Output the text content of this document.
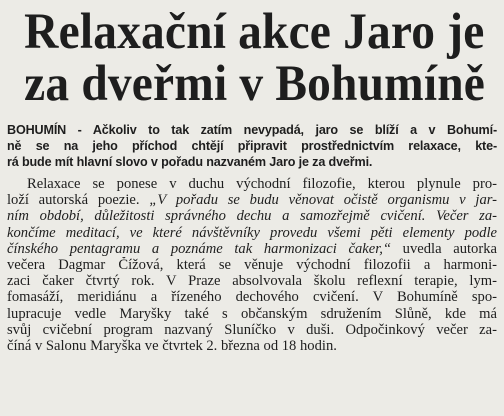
Relaxační akce Jaro je
za dveřmi v Bohumíně
BOHUMÍN - Ačkoliv to tak zatím nevypadá, jaro se blíží a v Bohumí-
ně se na jeho příchod chtějí připravit prostřednictvím relaxace, kte-
rá bude mít hlavní slovo v pořadu nazvaném Jaro je za dveřmi.
Relaxace se ponese v duchu východní filozofie, kterou plynule pro-
loží autorská poezie. „V pořadu se budu věnovat očistě organismu v jar-
ním období, důležitosti správného dechu a samozřejmě cvičení. Večer za-
končíme meditací, ve které návštěvníky provedu všemi pěti elementy podle
čínského pentagramu a poznáme tak harmonizaci čaker,“ uvedla autorka
večera Dagmar Čížová, která se věnuje východní filozofii a harmoni-
zaci čaker čtvrtý rok. V Praze absolvovala školu reflexní terapie, lym-
fomasáží, meridiánu a řízeného dechového cvičení. V Bohumíně spo-
lupracuje vedle Maryšky také s občanským sdružením Slůně, kde má
svůj cvičební program nazvaný Sluníčko v duši. Odpočinkový večer za-
číná v Salonu Maryška ve čtvrtek 2. března od 18 hodin.
